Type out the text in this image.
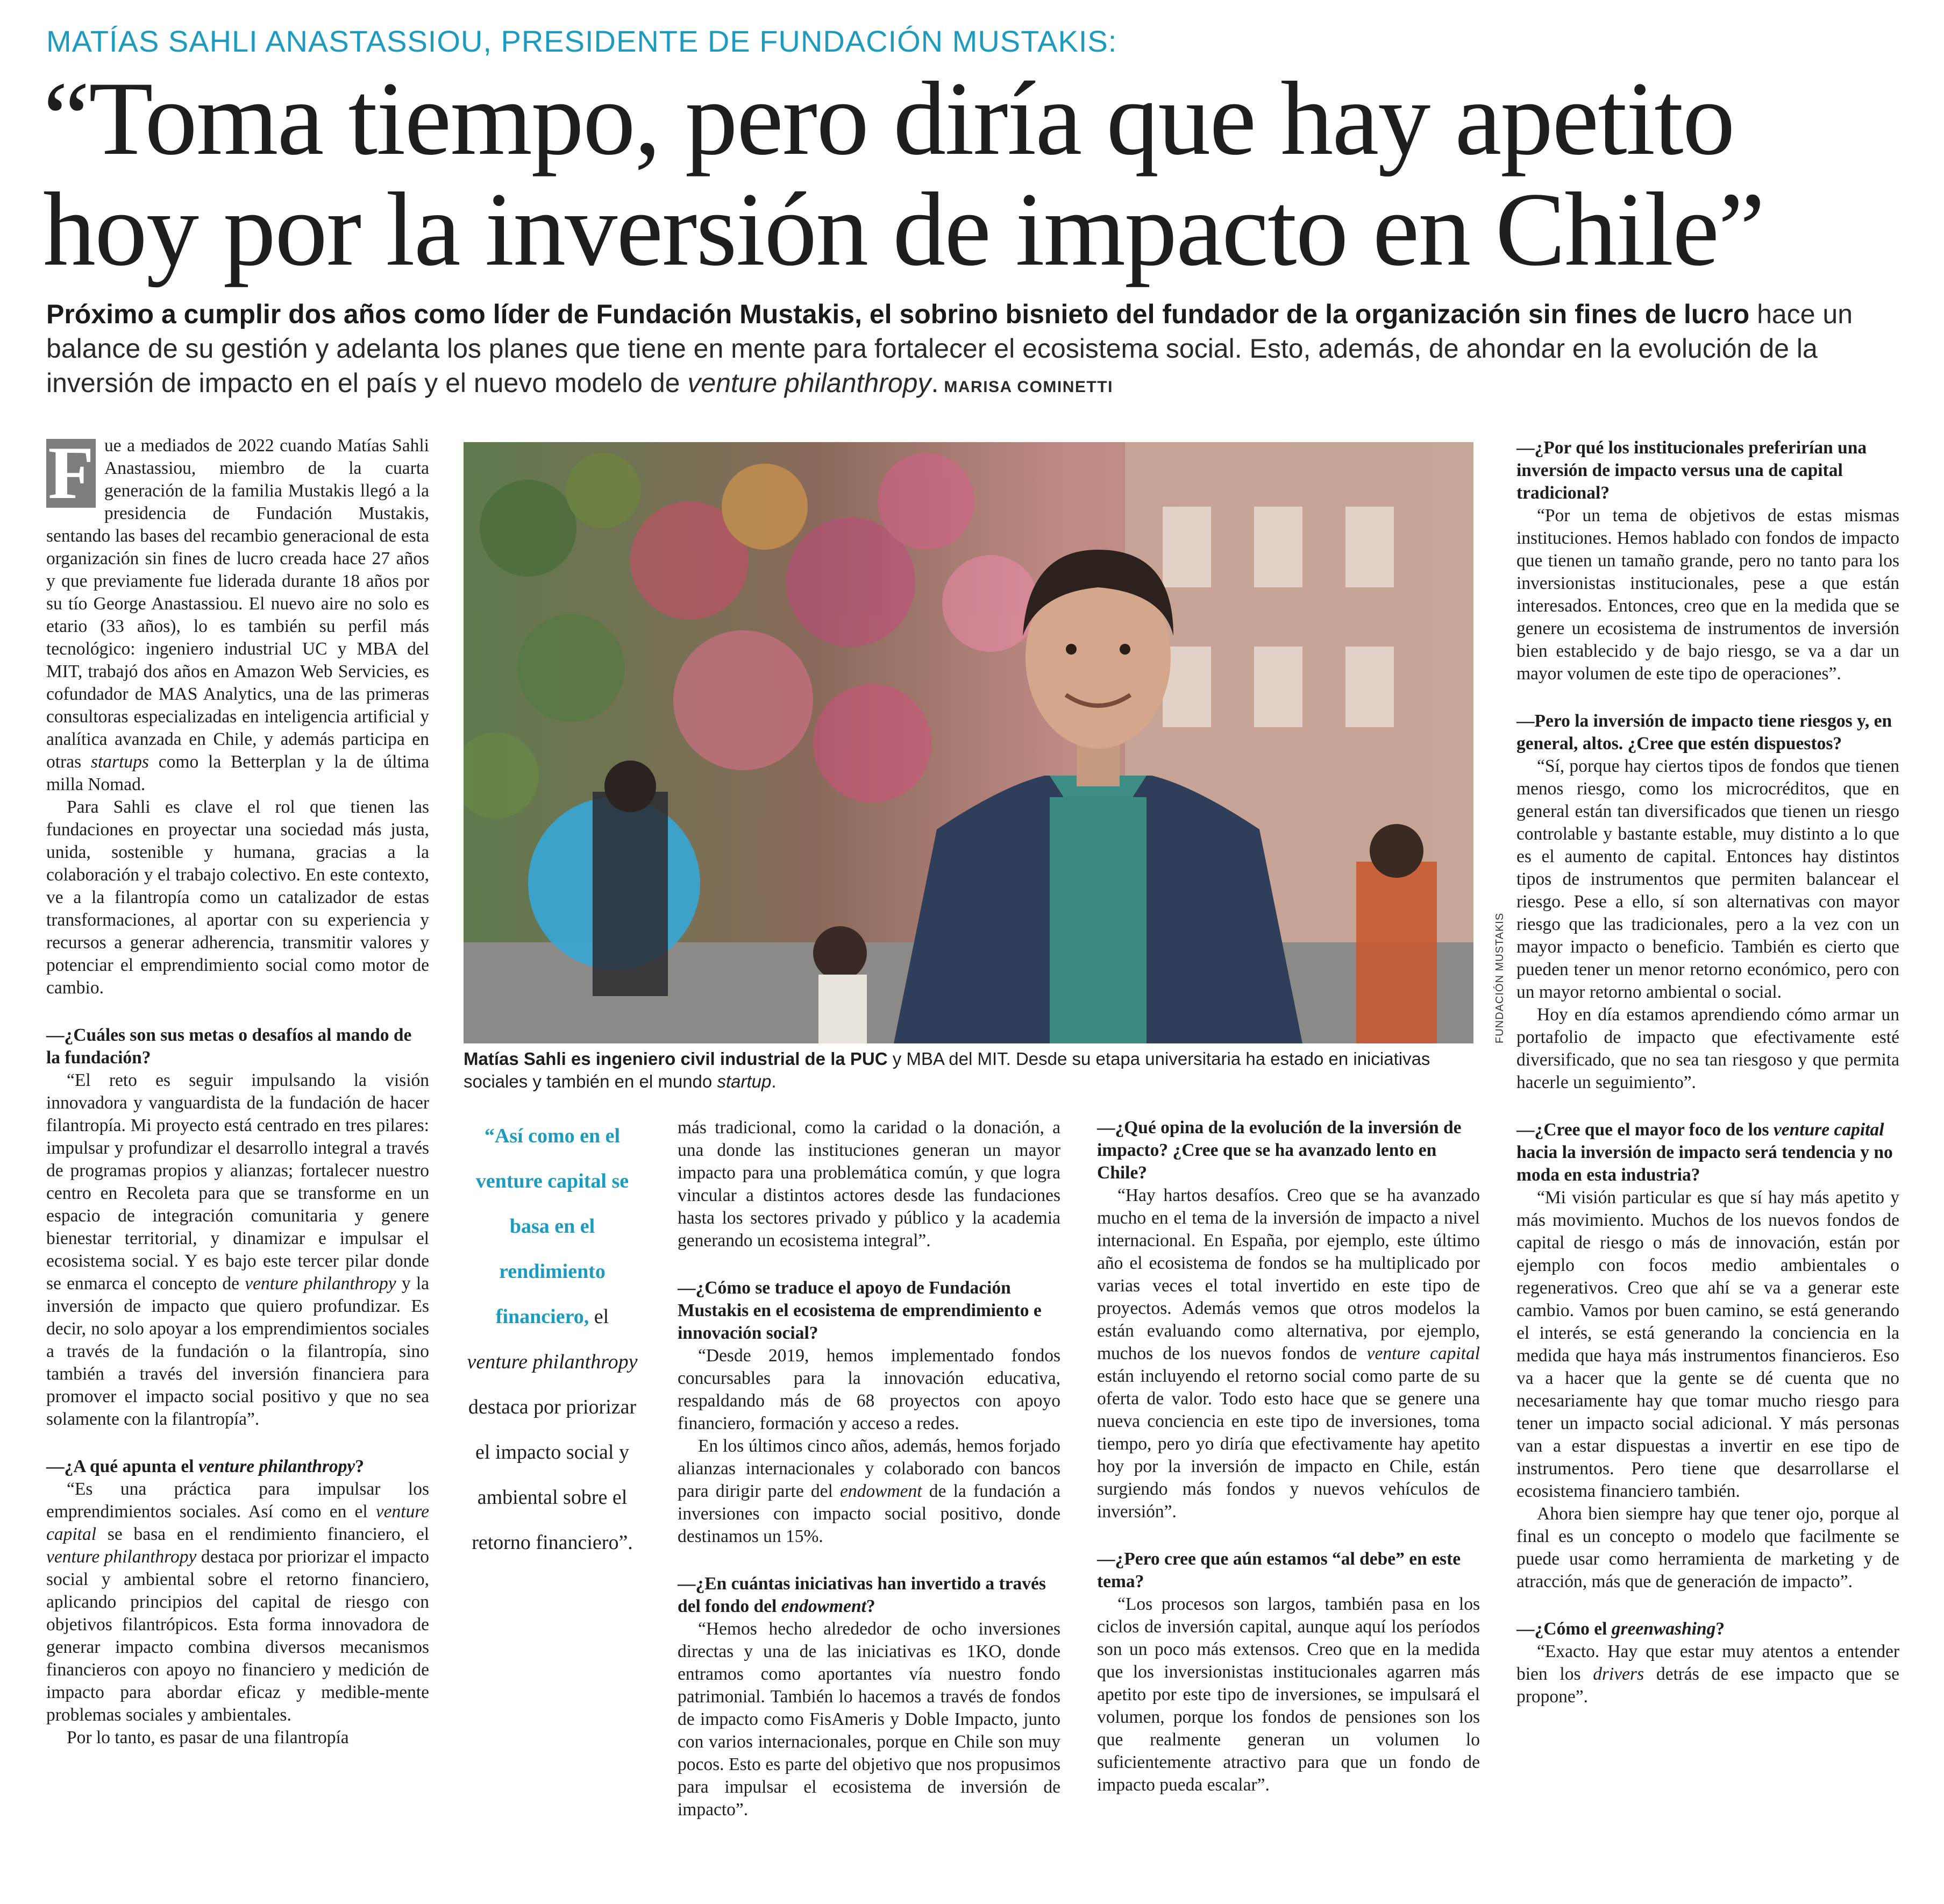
MATÍAS SAHLI ANASTASSIOU, PRESIDENTE DE FUNDACIÓN MUSTAKIS:
“Toma tiempo, pero diría que hay apetito
hoy por la inversión de impacto en Chile”

Próximo a cumplir dos años como líder de Fundación Mustakis, el sobrino bisnieto del fundador de la organización sin fines de lucro hace un balance de su gestión y adelanta los planes que tiene en mente para fortalecer el ecosistema social. Esto, además, de ahondar en la evolución de la inversión de impacto en el país y el nuevo modelo de venture philanthropy. MARISA COMINETTI

F ue a mediados de 2022 cuando Matías Sahli Anastassiou, miembro de la cuarta generación de la familia Mustakis llegó a la presidencia de Fundación Mustakis, sentando las bases del recambio generacional de esta organización sin fines de lucro creada hace 27 años y que previamente fue liderada durante 18 años por su tío George Anastassiou. El nuevo aire no solo es etario (33 años), lo es también su perfil más tecnológico: ingeniero industrial UC y MBA del MIT, trabajó dos años en Amazon Web Servicies, es cofundador de MAS Analytics, una de las primeras consultoras especializadas en inteligencia artificial y analítica avanzada en Chile, y además participa en otras startups como la Betterplan y la de última milla Nomad.

Para Sahli es clave el rol que tienen las fundaciones en proyectar una sociedad más justa, unida, sostenible y humana, gracias a la colaboración y el trabajo colectivo. En este contexto, ve a la filantropía como un catalizador de estas transformaciones, al aportar con su experiencia y recursos a generar adherencia, transmitir valores y potenciar el emprendimiento social como motor de cambio.

—¿Cuáles son sus metas o desafíos al mando de la fundación?

“El reto es seguir impulsando la visión innovadora y vanguardista de la fundación de hacer filantropía. Mi proyecto está centrado en tres pilares: impulsar y profundizar el desarrollo integral a través de programas propios y alianzas; fortalecer nuestro centro en Recoleta para que se transforme en un espacio de integración comunitaria y genere bienestar territorial, y dinamizar e impulsar el ecosistema social. Y es bajo este tercer pilar donde se enmarca el concepto de venture philanthropy y la inversión de impacto que quiero profundizar. Es decir, no solo apoyar a los emprendimientos sociales a través de la fundación o la filantropía, sino también a través del inversión financiera para promover el impacto social positivo y que no sea solamente con la filantropía”.

—¿A qué apunta el venture philanthropy?

“Es una práctica para impulsar los emprendimientos sociales. Así como en el venture capital se basa en el rendimiento financiero, el venture philanthropy destaca por priorizar el impacto social y ambiental sobre el retorno financiero, aplicando principios del capital de riesgo con objetivos filantrópicos. Esta forma innovadora de generar impacto combina diversos mecanismos financieros con apoyo no financiero y medición de impacto para abordar eficaz y medible-mente problemas sociales y ambientales.

Por lo tanto, es pasar de una filantropía

FUNDACIÓN MUSTAKIS

Matías Sahli es ingeniero civil industrial de la PUC y MBA del MIT. Desde su etapa universitaria ha estado en iniciativas sociales y también en el mundo startup.

“Así como en el venture capital se basa en el rendimiento financiero, el venture philanthropy destaca por priorizar el impacto social y ambiental sobre el retorno financiero”.

más tradicional, como la caridad o la donación, a una donde las instituciones generan un mayor impacto para una problemática común, y que logra vincular a distintos actores desde las fundaciones hasta los sectores privado y público y la academia generando un ecosistema integral”.

—¿Cómo se traduce el apoyo de Fundación Mustakis en el ecosistema de emprendimiento e innovación social?

“Desde 2019, hemos implementado fondos concursables para la innovación educativa, respaldando más de 68 proyectos con apoyo financiero, formación y acceso a redes.

En los últimos cinco años, además, hemos forjado alianzas internacionales y colaborado con bancos para dirigir parte del endowment de la fundación a inversiones con impacto social positivo, donde destinamos un 15%.

—¿En cuántas iniciativas han invertido a través del fondo del endowment?

“Hemos hecho alrededor de ocho inversiones directas y una de las iniciativas es 1KO, donde entramos como aportantes vía nuestro fondo patrimonial. También lo hacemos a través de fondos de impacto como FisAmeris y Doble Impacto, junto con varios internacionales, porque en Chile son muy pocos. Esto es parte del objetivo que nos propusimos para impulsar el ecosistema de inversión de impacto”.

—¿Qué opina de la evolución de la inversión de impacto? ¿Cree que se ha avanzado lento en Chile?

“Hay hartos desafíos. Creo que se ha avanzado mucho en el tema de la inversión de impacto a nivel internacional. En España, por ejemplo, este último año el ecosistema de fondos se ha multiplicado por varias veces el total invertido en este tipo de proyectos. Además vemos que otros modelos la están evaluando como alternativa, por ejemplo, muchos de los nuevos fondos de venture capital están incluyendo el retorno social como parte de su oferta de valor. Todo esto hace que se genere una nueva conciencia en este tipo de inversiones, toma tiempo, pero yo diría que efectivamente hay apetito hoy por la inversión de impacto en Chile, están surgiendo más fondos y nuevos vehículos de inversión”.

—¿Pero cree que aún estamos “al debe” en este tema?

“Los procesos son largos, también pasa en los ciclos de inversión capital, aunque aquí los períodos son un poco más extensos. Creo que en la medida que los inversionistas institucionales agarren más apetito por este tipo de inversiones, se impulsará el volumen, porque los fondos de pensiones son los que realmente generan un volumen lo suficientemente atractivo para que un fondo de impacto pueda escalar”.

—¿Por qué los institucionales preferirían una inversión de impacto versus una de capital tradicional?

“Por un tema de objetivos de estas mismas instituciones. Hemos hablado con fondos de impacto que tienen un tamaño grande, pero no tanto para los inversionistas institucionales, pese a que están interesados. Entonces, creo que en la medida que se genere un ecosistema de instrumentos de inversión bien establecido y de bajo riesgo, se va a dar un mayor volumen de este tipo de operaciones”.

—Pero la inversión de impacto tiene riesgos y, en general, altos. ¿Cree que estén dispuestos?

“Sí, porque hay ciertos tipos de fondos que tienen menos riesgo, como los microcréditos, que en general están tan diversificados que tienen un riesgo controlable y bastante estable, muy distinto a lo que es el aumento de capital. Entonces hay distintos tipos de instrumentos que permiten balancear el riesgo. Pese a ello, sí son alternativas con mayor riesgo que las tradicionales, pero a la vez con un mayor impacto o beneficio. También es cierto que pueden tener un menor retorno económico, pero con un mayor retorno ambiental o social.

Hoy en día estamos aprendiendo cómo armar un portafolio de impacto que efectivamente esté diversificado, que no sea tan riesgoso y que permita hacerle un seguimiento”.

—¿Cree que el mayor foco de los venture capital hacia la inversión de impacto será tendencia y no moda en esta industria?

“Mi visión particular es que sí hay más apetito y más movimiento. Muchos de los nuevos fondos de capital de riesgo o más de innovación, están por ejemplo con focos medio ambientales o regenerativos. Creo que ahí se va a generar este cambio. Vamos por buen camino, se está generando el interés, se está generando la conciencia en la medida que haya más instrumentos financieros. Eso va a hacer que la gente se dé cuenta que no necesariamente hay que tomar mucho riesgo para tener un impacto social adicional. Y más personas van a estar dispuestas a invertir en ese tipo de instrumentos. Pero tiene que desarrollarse el ecosistema financiero también.

Ahora bien siempre hay que tener ojo, porque al final es un concepto o modelo que facilmente se puede usar como herramienta de marketing y de atracción, más que de generación de impacto”.

—¿Cómo el greenwashing?

“Exacto. Hay que estar muy atentos a entender bien los drivers detrás de ese impacto que se propone”.
